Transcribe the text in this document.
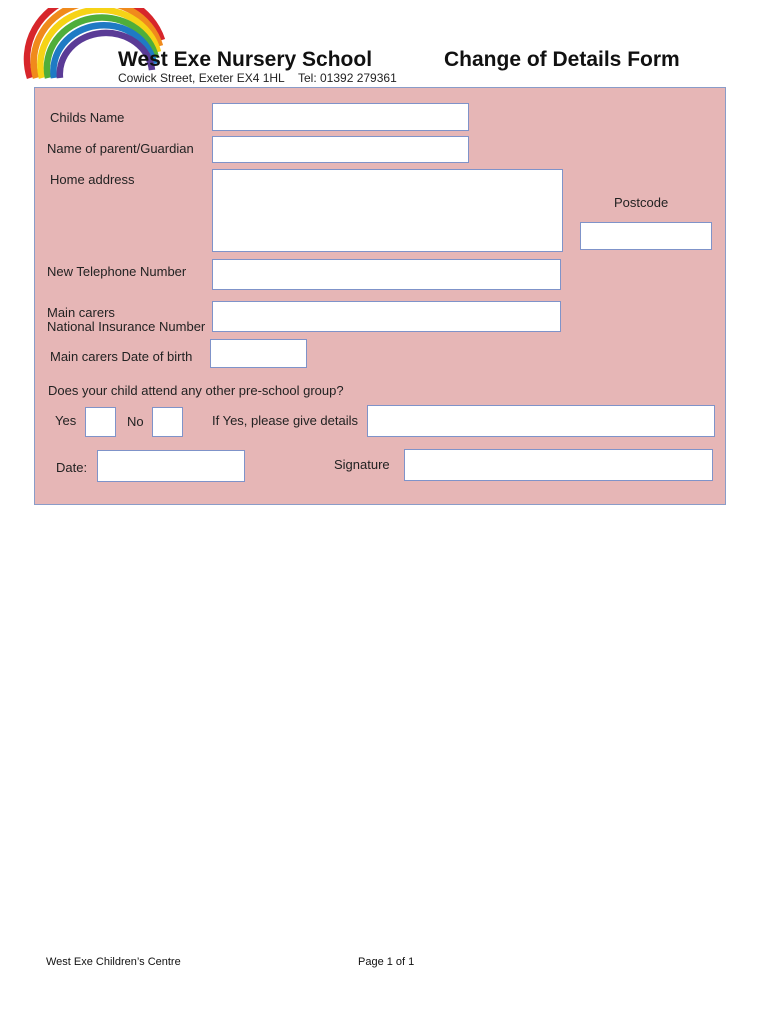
West Exe Nursery School	Change of Details Form
Cowick Street, Exeter EX4 1HL Tel: 01392 279361
Childs Name
Name of parent/Guardian
Home address
Postcode
New Telephone Number
Main carers
National Insurance Number
Main carers Date of birth
Does your child attend any other pre-school group?
Yes	No	If Yes, please give details
Date:	Signature
West Exe Children’s Centre	Page 1 of 1
